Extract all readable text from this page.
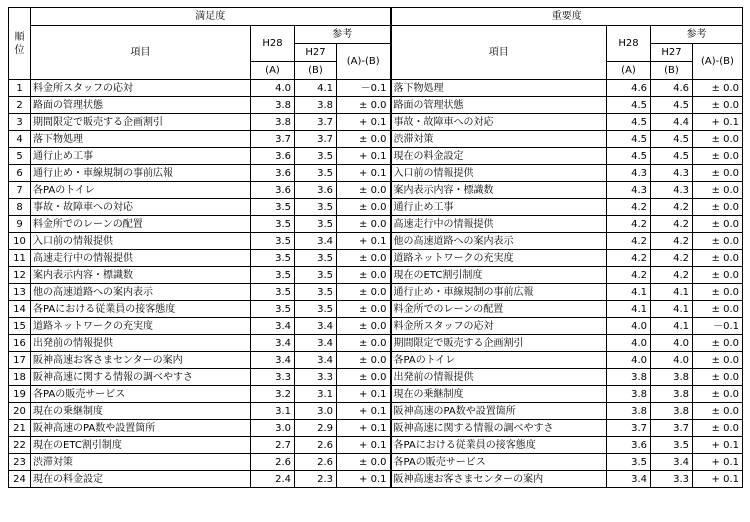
順
位	満足度				重要度			
	項目	H28	参考		項目	H28	参考	
			H27	(A)-(B)			H27	(A)-(B)
		(A)	(B)			(A)	(B)	
1	料金所スタッフの応対	4.0	4.1	－0.1	落下物処理	4.6	4.6	± 0.0
2	路面の管理状態	3.8	3.8	± 0.0	路面の管理状態	4.5	4.5	± 0.0
3	期間限定で販売する企画割引	3.8	3.7	+ 0.1	事故・故障車への対応	4.5	4.4	+ 0.1
4	落下物処理	3.7	3.7	± 0.0	渋滞対策	4.5	4.5	± 0.0
5	通行止め工事	3.6	3.5	+ 0.1	現在の料金設定	4.5	4.5	± 0.0
6	通行止め・車線規制の事前広報	3.6	3.5	+ 0.1	入口前の情報提供	4.3	4.3	± 0.0
7	各PAのトイレ	3.6	3.6	± 0.0	案内表示内容・標識数	4.3	4.3	± 0.0
8	事故・故障車への対応	3.5	3.5	± 0.0	通行止め工事	4.2	4.2	± 0.0
9	料金所でのレーンの配置	3.5	3.5	± 0.0	高速走行中の情報提供	4.2	4.2	± 0.0
10	入口前の情報提供	3.5	3.4	+ 0.1	他の高速道路への案内表示	4.2	4.2	± 0.0
11	高速走行中の情報提供	3.5	3.5	± 0.0	道路ネットワークの充実度	4.2	4.2	± 0.0
12	案内表示内容・標識数	3.5	3.5	± 0.0	現在のETC割引制度	4.2	4.2	± 0.0
13	他の高速道路への案内表示	3.5	3.5	± 0.0	通行止め・車線規制の事前広報	4.1	4.1	± 0.0
14	各PAにおける従業員の接客態度	3.5	3.5	± 0.0	料金所でのレーンの配置	4.1	4.1	± 0.0
15	道路ネットワークの充実度	3.4	3.4	± 0.0	料金所スタッフの応対	4.0	4.1	－0.1
16	出発前の情報提供	3.4	3.4	± 0.0	期間限定で販売する企画割引	4.0	4.0	± 0.0
17	阪神高速お客さまセンターの案内	3.4	3.4	± 0.0	各PAのトイレ	4.0	4.0	± 0.0
18	阪神高速に関する情報の調べやすさ	3.3	3.3	± 0.0	出発前の情報提供	3.8	3.8	± 0.0
19	各PAの販売サービス	3.2	3.1	+ 0.1	現在の乗継制度	3.8	3.8	± 0.0
20	現在の乗継制度	3.1	3.0	+ 0.1	阪神高速のPA数や設置箇所	3.8	3.8	± 0.0
21	阪神高速のPA数や設置箇所	3.0	2.9	+ 0.1	阪神高速に関する情報の調べやすさ	3.7	3.7	± 0.0
22	現在のETC割引制度	2.7	2.6	+ 0.1	各PAにおける従業員の接客態度	3.6	3.5	+ 0.1
23	渋滞対策	2.6	2.6	± 0.0	各PAの販売サービス	3.5	3.4	+ 0.1
24	現在の料金設定	2.4	2.3	+ 0.1	阪神高速お客さまセンターの案内	3.4	3.3	+ 0.1
